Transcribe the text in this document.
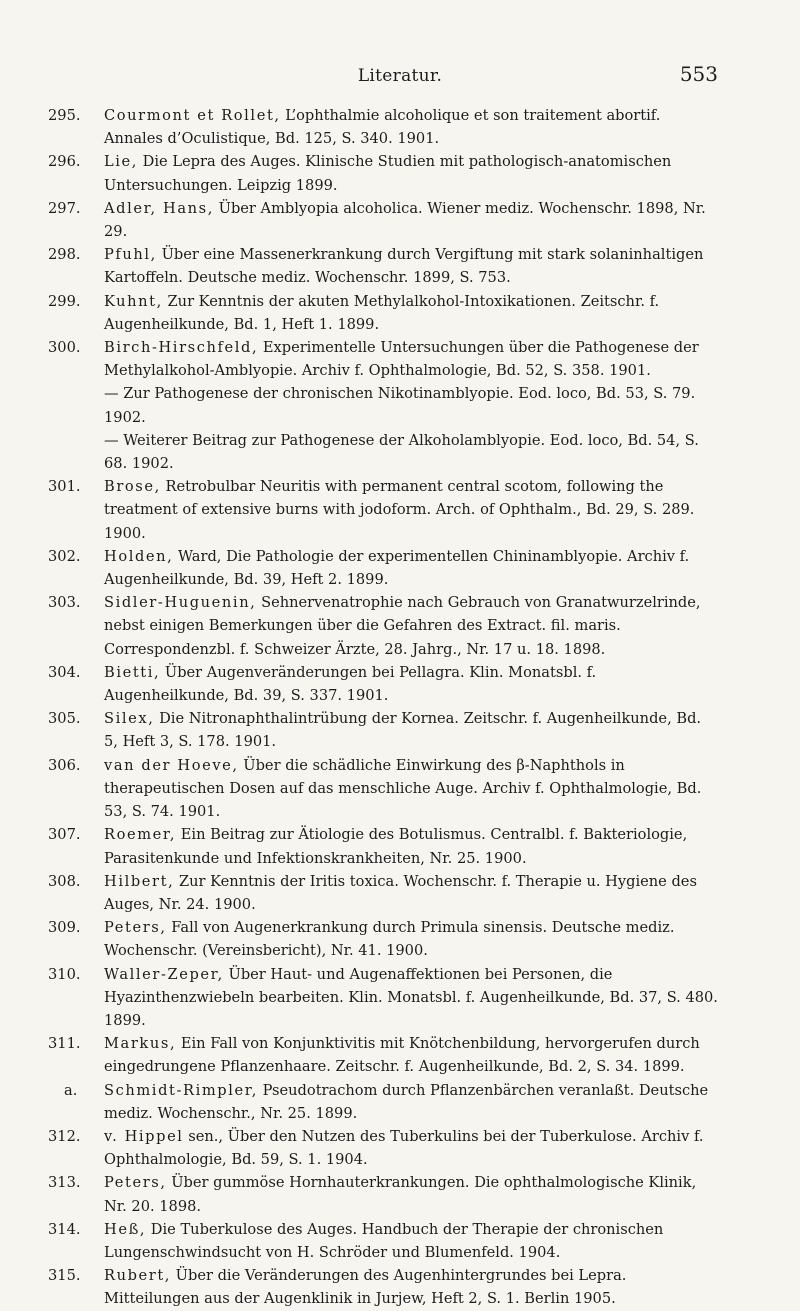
Literatur.	553

295.	Courmont et Rollet, L’ophthalmie alcoholique et son traitement abortif. Annales d’Oculistique, Bd. 125, S. 340. 1901.

296.	Lie, Die Lepra des Auges. Klinische Studien mit pathologisch-anatomischen Untersuchungen. Leipzig 1899.

297.	Adler, Hans, Über Amblyopia alcoholica. Wiener mediz. Wochenschr. 1898, Nr. 29.

298.	Pfuhl, Über eine Massenerkrankung durch Vergiftung mit stark solaninhaltigen Kartoffeln. Deutsche mediz. Wochenschr. 1899, S. 753.

299.	Kuhnt, Zur Kenntnis der akuten Methylalkohol-Intoxikationen. Zeitschr. f. Augenheilkunde, Bd. 1, Heft 1. 1899.

300.	Birch-Hirschfeld, Experimentelle Untersuchungen über die Pathogenese der Methylalkohol-Amblyopie. Archiv f. Ophthalmologie, Bd. 52, S. 358. 1901.

— Zur Pathogenese der chronischen Nikotinamblyopie. Eod. loco, Bd. 53, S. 79. 1902.

— Weiterer Beitrag zur Pathogenese der Alkoholamblyopie. Eod. loco, Bd. 54, S. 68. 1902.

301.	Brose, Retrobulbar Neuritis with permanent central scotom, following the treatment of extensive burns with jodoform. Arch. of Ophthalm., Bd. 29, S. 289. 1900.

302.	Holden, Ward, Die Pathologie der experimentellen Chininamblyopie. Archiv f. Augenheilkunde, Bd. 39, Heft 2. 1899.

303.	Sidler-Huguenin, Sehnervenatrophie nach Gebrauch von Granatwurzelrinde, nebst einigen Bemerkungen über die Gefahren des Extract. fil. maris. Correspondenzbl. f. Schweizer Ärzte, 28. Jahrg., Nr. 17 u. 18. 1898.

304.	Bietti, Über Augenveränderungen bei Pellagra. Klin. Monatsbl. f. Augenheilkunde, Bd. 39, S. 337. 1901.

305.	Silex, Die Nitronaphthalintrübung der Kornea. Zeitschr. f. Augenheilkunde, Bd. 5, Heft 3, S. 178. 1901.

306.	van der Hoeve, Über die schädliche Einwirkung des β-Naphthols in therapeutischen Dosen auf das menschliche Auge. Archiv f. Ophthalmologie, Bd. 53, S. 74. 1901.

307.	Roemer, Ein Beitrag zur Ätiologie des Botulismus. Centralbl. f. Bakteriologie, Parasitenkunde und Infektionskrankheiten, Nr. 25. 1900.

308.	Hilbert, Zur Kenntnis der Iritis toxica. Wochenschr. f. Therapie u. Hygiene des Auges, Nr. 24. 1900.

309.	Peters, Fall von Augenerkrankung durch Primula sinensis. Deutsche mediz. Wochenschr. (Vereinsbericht), Nr. 41. 1900.

310.	Waller-Zeper, Über Haut- und Augenaffektionen bei Personen, die Hyazinthenzwiebeln bearbeiten. Klin. Monatsbl. f. Augenheilkunde, Bd. 37, S. 480. 1899.

311.	Markus, Ein Fall von Konjunktivitis mit Knötchenbildung, hervorgerufen durch eingedrungene Pflanzenhaare. Zeitschr. f. Augenheilkunde, Bd. 2, S. 34. 1899.

a.	Schmidt-Rimpler, Pseudotrachom durch Pflanzenbärchen veranlaßt. Deutsche mediz. Wochenschr., Nr. 25. 1899.

312.	v. Hippel sen., Über den Nutzen des Tuberkulins bei der Tuberkulose. Archiv f. Ophthalmologie, Bd. 59, S. 1. 1904.

313.	Peters, Über gummöse Hornhauterkrankungen. Die ophthalmologische Klinik, Nr. 20. 1898.

314.	Heß, Die Tuberkulose des Auges. Handbuch der Therapie der chronischen Lungenschwindsucht von H. Schröder und Blumenfeld. 1904.

315.	Rubert, Über die Veränderungen des Augenhintergrundes bei Lepra. Mitteilungen aus der Augenklinik in Jurjew, Heft 2, S. 1. Berlin 1905.
